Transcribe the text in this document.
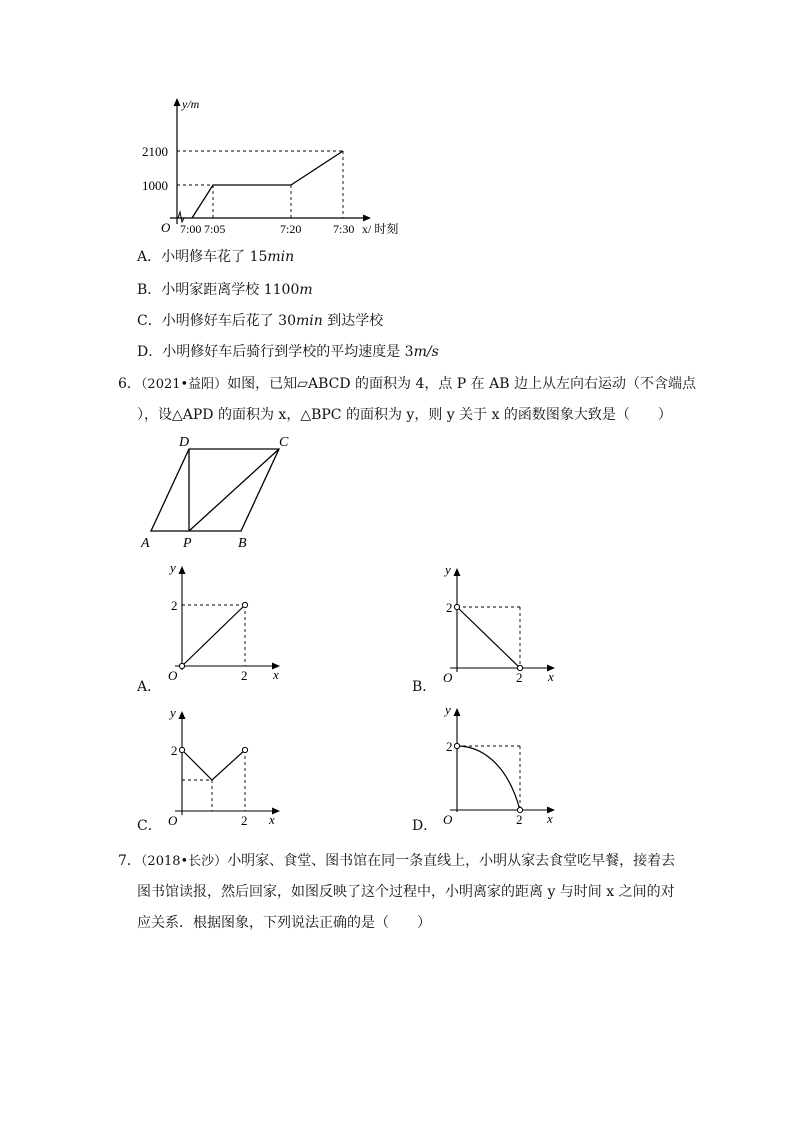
y/m
2100
1000
O 7:00 7:05	7:20	7:30 x/ 时刻
A．小明修车花了 15min
B．小明家距离学校 1100m
C．小明修好车后花了 30min 到达学校
D．小明修好车后骑行到学校的平均速度是 3m/s
6．（2021•益阳）如图，已知▱ABCD 的面积为 4，点 P 在 AB 边上从左向右运动（不含端点
），设△APD 的面积为 x，△BPC 的面积为 y，则 y 关于 x 的函数图象大致是（　　）
A P	B
D	C
A．
y
2
O	2 x
B．
y
2
O	2 x
C．
y
2
O	2 x	D．
y
2
O	2 x
7．（2018•长沙）小明家、食堂、图书馆在同一条直线上，小明从家去食堂吃早餐，接着去
图书馆读报，然后回家，如图反映了这个过程中，小明离家的距离 y 与时间 x 之间的对
应关系．根据图象，下列说法正确的是（　　）
